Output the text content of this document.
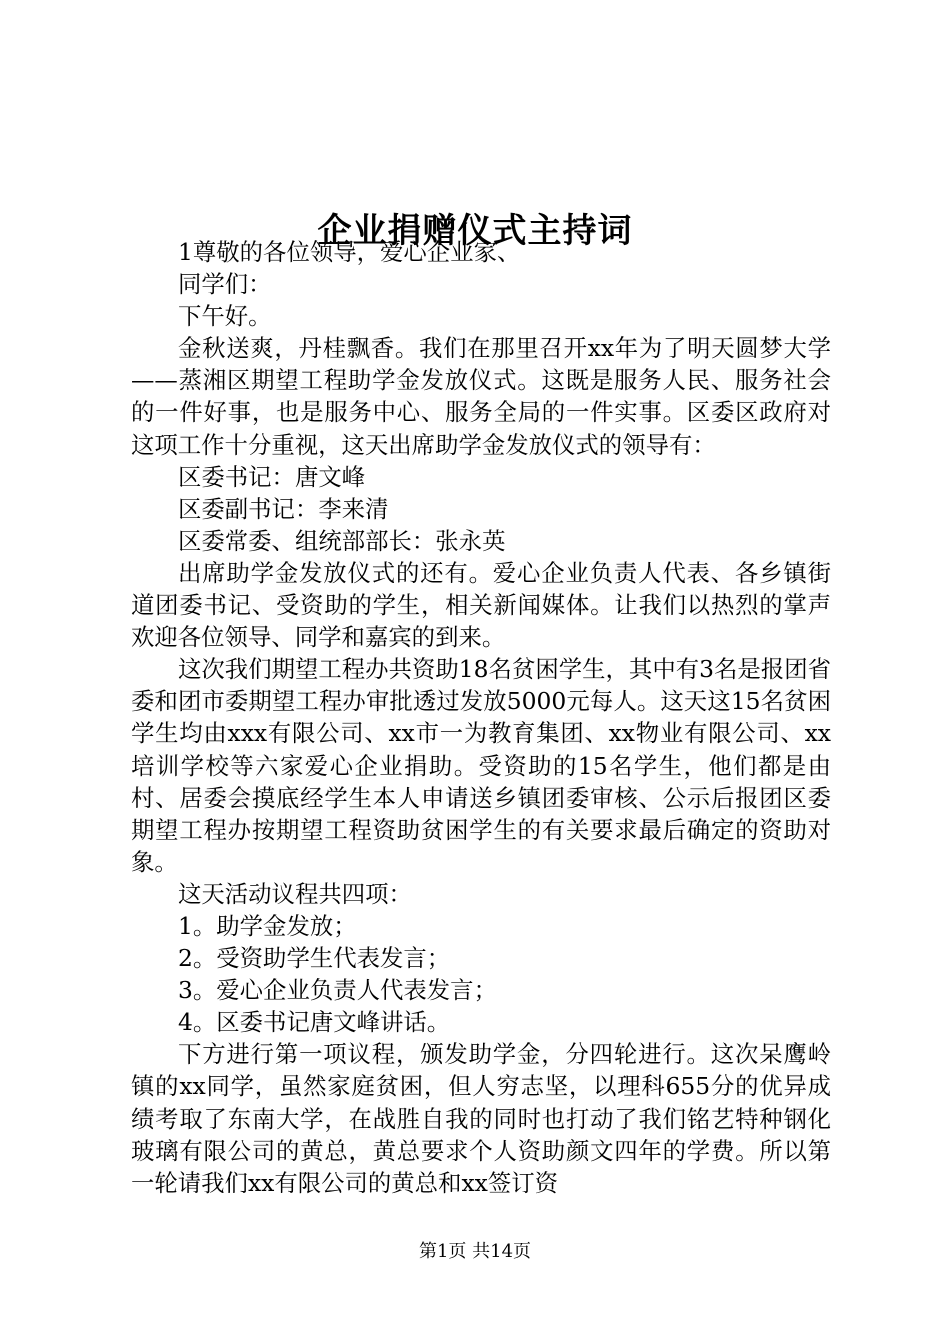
企业捐赠仪式主持词

1尊敬的各位领导，爱心企业家、

同学们：

下午好。

金秋送爽，丹桂飘香。我们在那里召开xx年为了明天圆梦大学——蒸湘区期望工程助学金发放仪式。这既是服务人民、服务社会的一件好事，也是服务中心、服务全局的一件实事。区委区政府对这项工作十分重视，这天出席助学金发放仪式的领导有：

区委书记：唐文峰

区委副书记：李来清

区委常委、组统部部长：张永英

出席助学金发放仪式的还有。爱心企业负责人代表、各乡镇街道团委书记、受资助的学生，相关新闻媒体。让我们以热烈的掌声欢迎各位领导、同学和嘉宾的到来。

这次我们期望工程办共资助18名贫困学生，其中有3名是报团省委和团市委期望工程办审批透过发放5000元每人。这天这15名贫困学生均由xxx有限公司、xx市一为教育集团、xx物业有限公司、xx培训学校等六家爱心企业捐助。受资助的15名学生，他们都是由村、居委会摸底经学生本人申请送乡镇团委审核、公示后报团区委期望工程办按期望工程资助贫困学生的有关要求最后确定的资助对象。

这天活动议程共四项：

1。助学金发放；

2。受资助学生代表发言；

3。爱心企业负责人代表发言；

4。区委书记唐文峰讲话。

下方进行第一项议程，颁发助学金，分四轮进行。这次呆鹰岭镇的xx同学，虽然家庭贫困，但人穷志坚，以理科655分的优异成绩考取了东南大学，在战胜自我的同时也打动了我们铭艺特种钢化玻璃有限公司的黄总，黄总要求个人资助颜文四年的学费。所以第一轮请我们xx有限公司的黄总和xx签订资

第1页 共14页
